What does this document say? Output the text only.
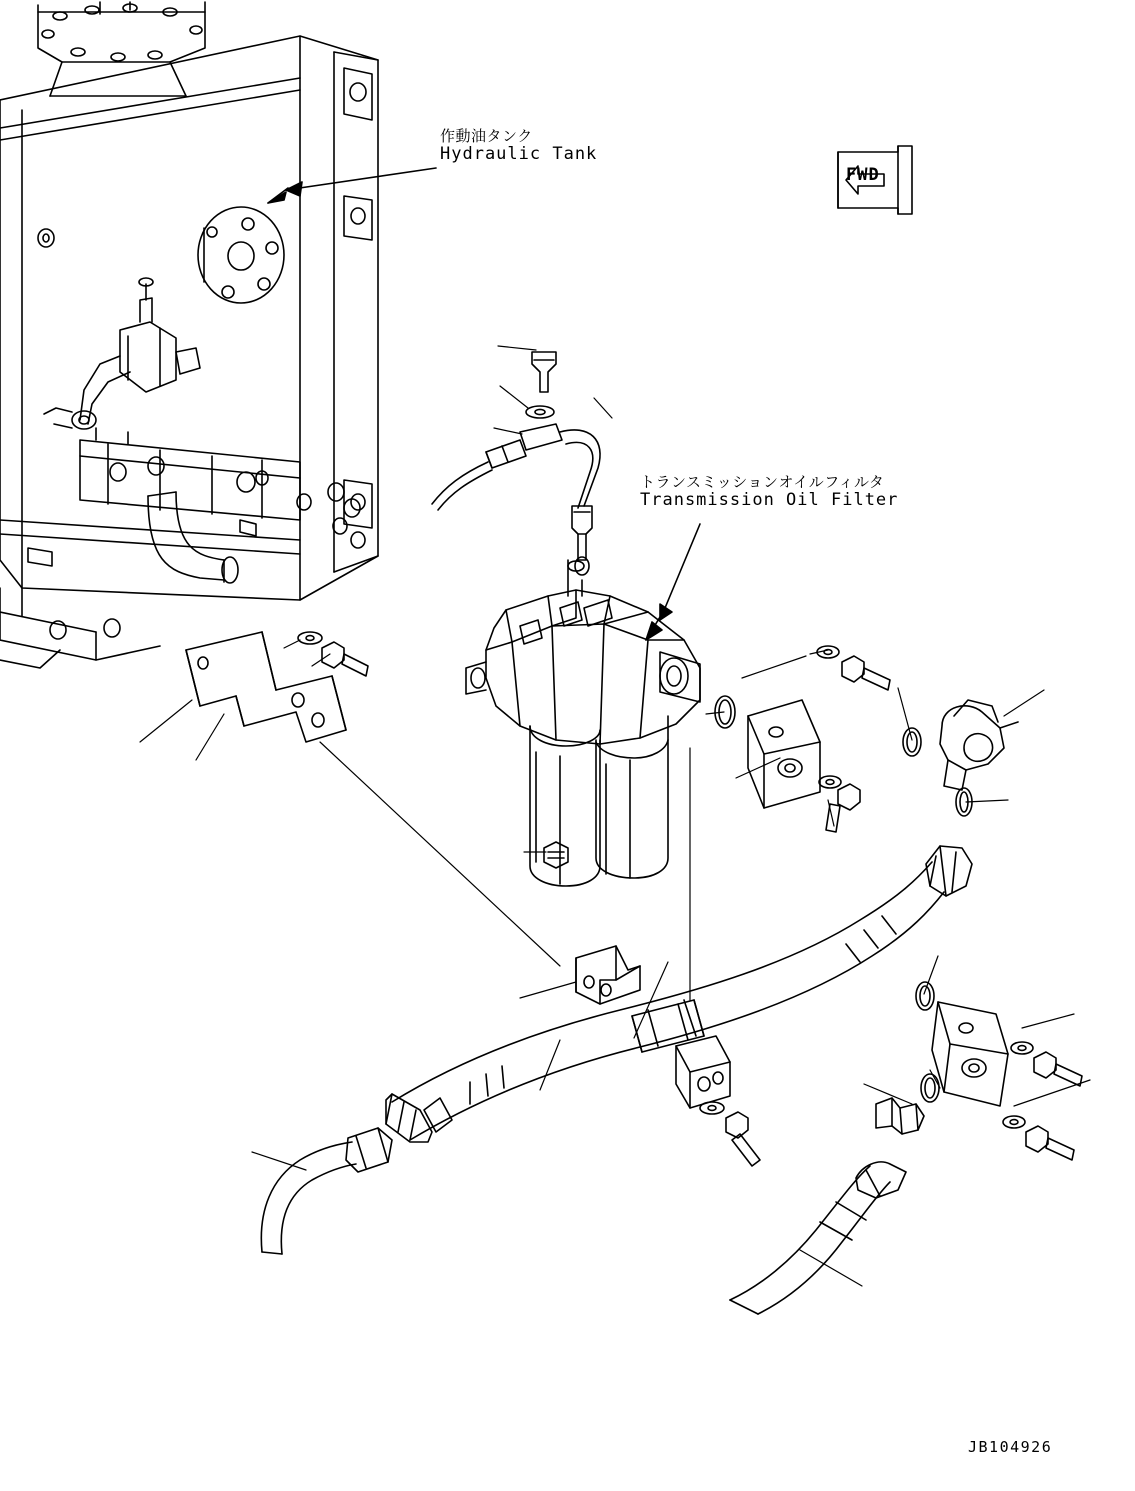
作動油タンク
Hydraulic Tank
トランスミッションオイルフィルタ
Transmission Oil Filter
FWD
JB104926
